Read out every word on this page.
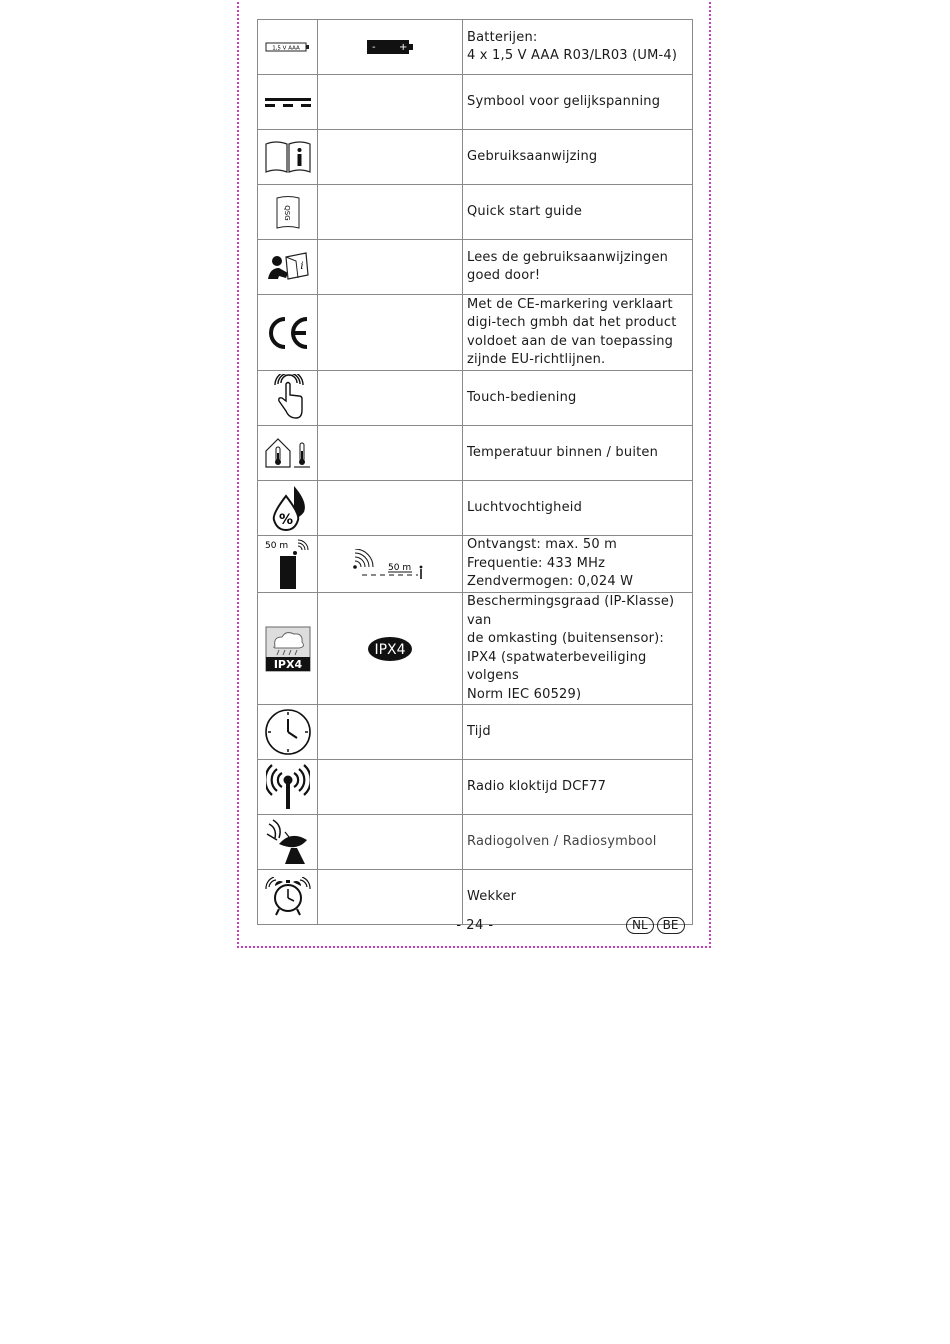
1,5 V AAA	- +	Batterijen:
4 x 1,5 V AAA R03/LR03 (UM-4)

Symbool voor gelijkspanning

Gebruiksaanwijzing

QSG		Quick start guide

i		Lees de gebruiksaanwijzingen
goed door!

Met de CE-markering verklaart
digi-tech gmbh dat het product
voldoet aan de van toepassing
zijnde EU-richtlijnen.

Touch-bediening

Temperatuur binnen / buiten

%		Luchtvochtigheid

50 m	50 m	Ontvangst: max. 50 m
Frequentie: 433 MHz
Zendvermogen: 0,024 W

IPX4	IPX4	Beschermingsgraad (IP-Klasse) van
de omkasting (buitensensor):
IPX4 (spatwaterbeveiliging volgens
Norm IEC 60529)

Tijd

Radio kloktijd DCF77

Radiogolven / Radiosymbool

Wekker
- 24 -	NL	BE
